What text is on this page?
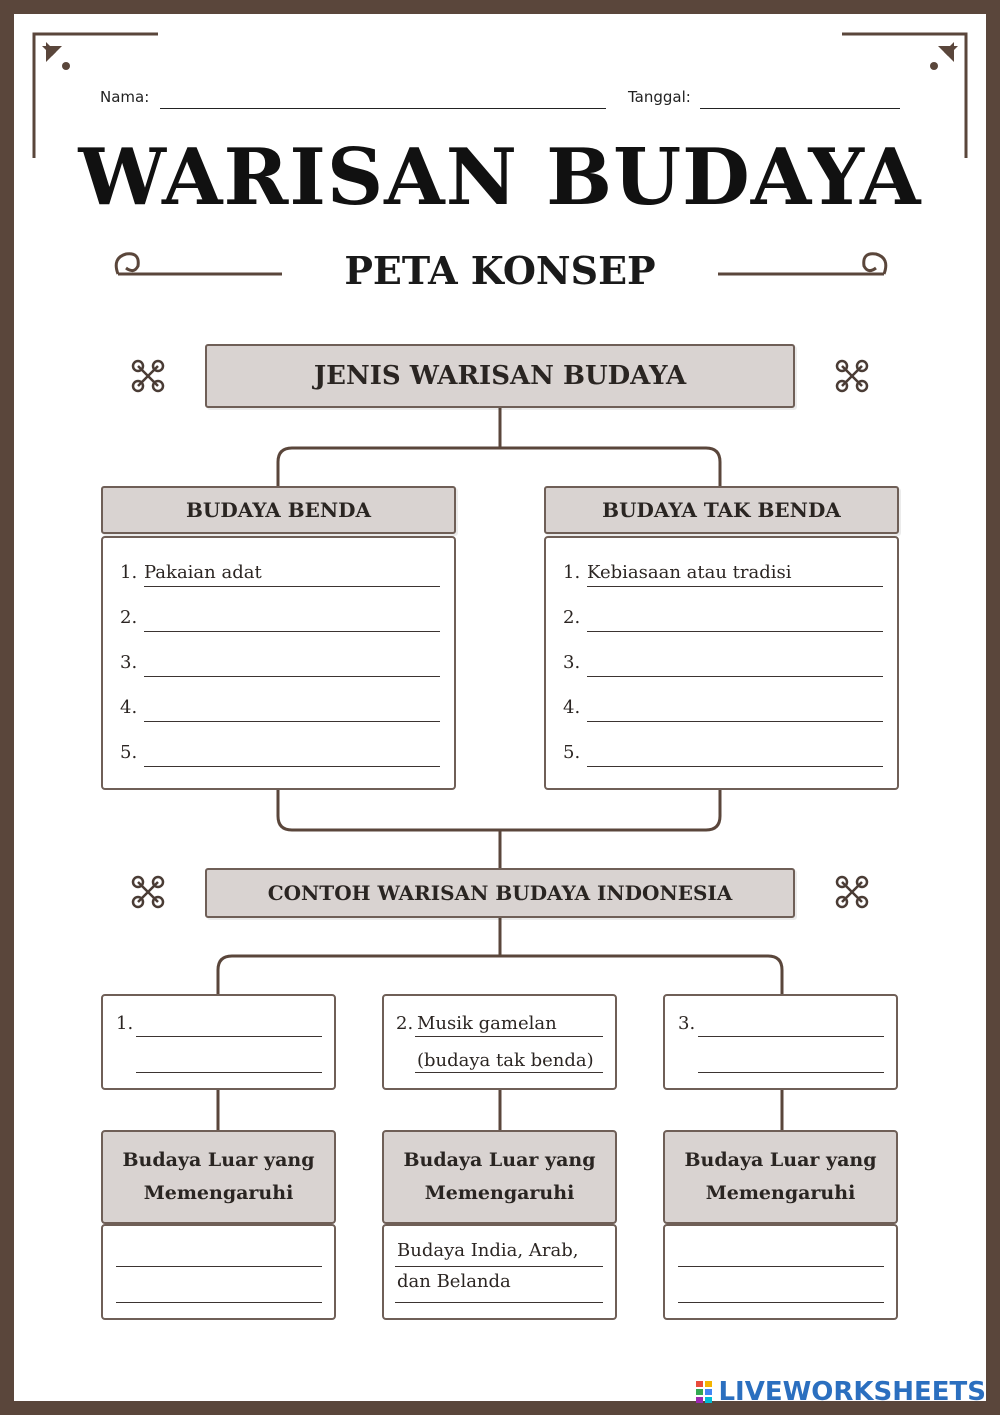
Nama:	Tanggal:
WARISAN BUDAYA
PETA KONSEP
JENIS WARISAN BUDAYA
BUDAYA BENDA
1. Pakaian adat
2.
3.
4.
5.
BUDAYA TAK BENDA
1. Kebiasaan atau tradisi
2.
3.
4.
5.
CONTOH WARISAN BUDAYA INDONESIA
1.	2. Musik gamelan
(budaya tak benda)
3.
Budaya Luar yang Memengaruhi
Budaya Luar yang Memengaruhi
Budaya Luar yang Memengaruhi
Budaya India, Arab,
dan Belanda
LIVEWORKSHEETS
